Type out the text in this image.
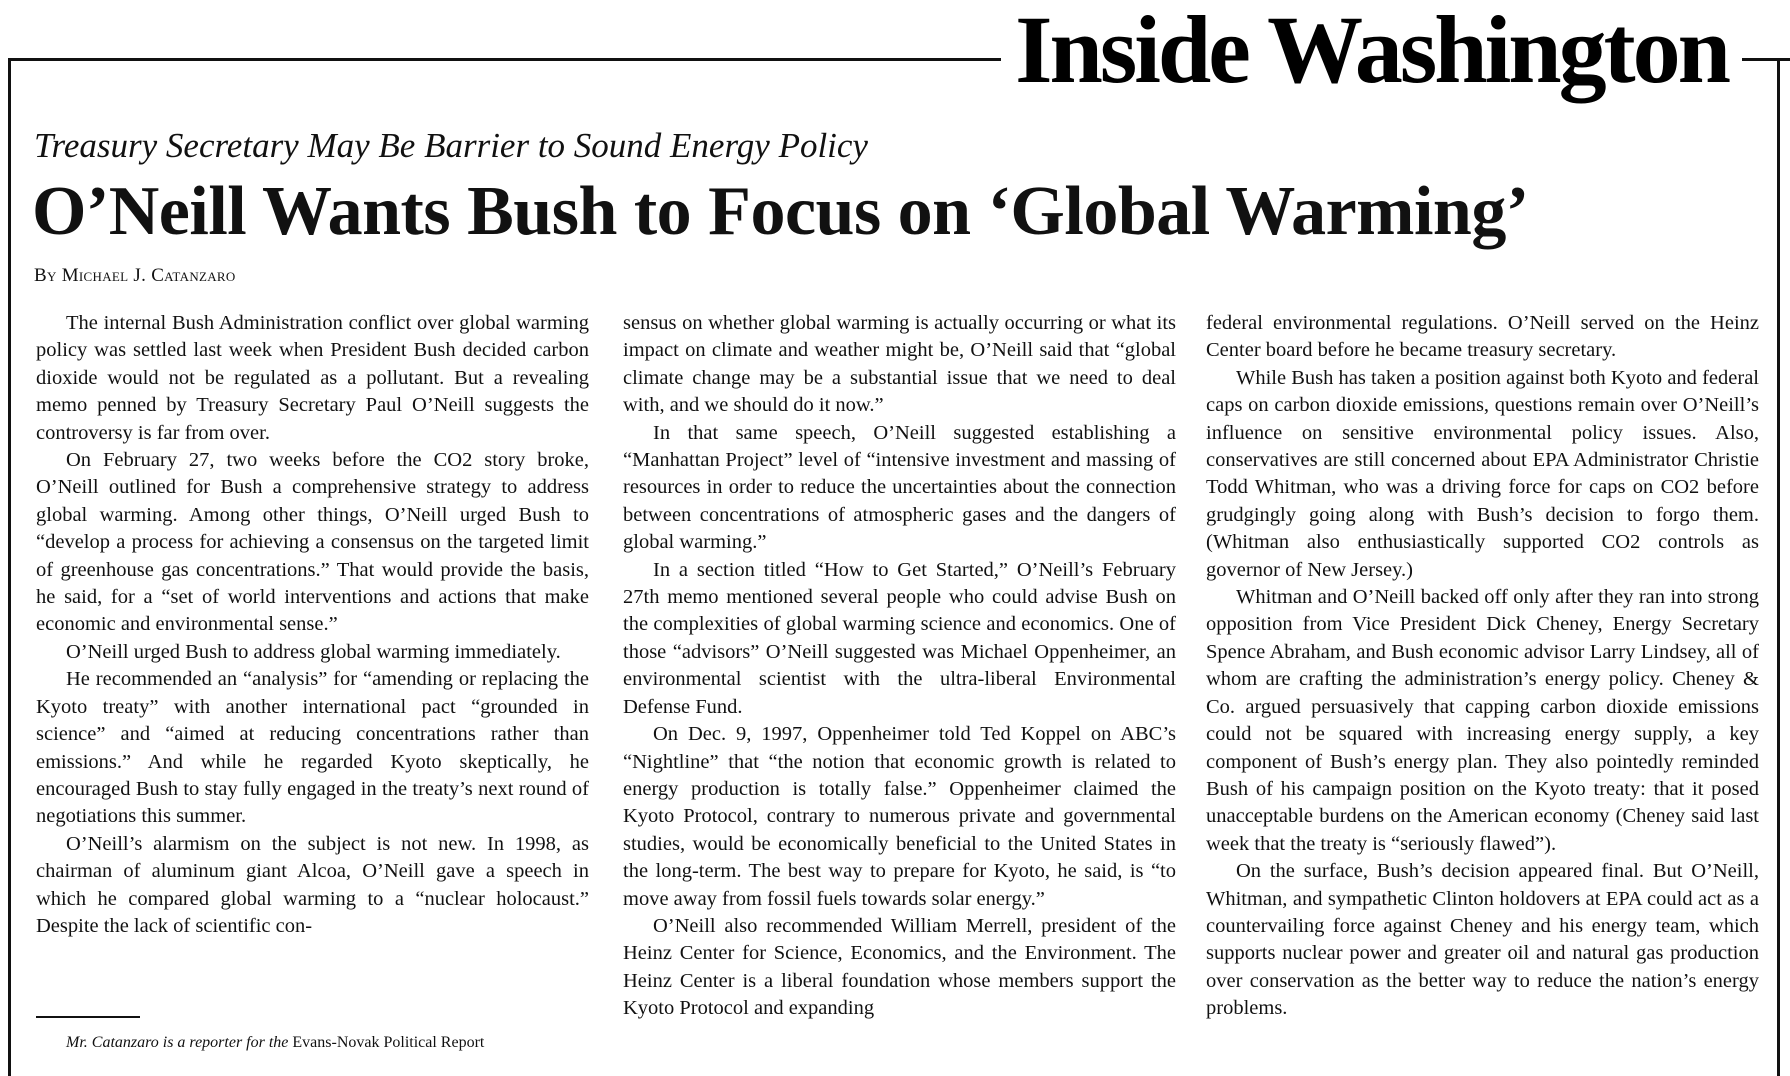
Inside Washington
Treasury Secretary May Be Barrier to Sound Energy Policy
O’Neill Wants Bush to Focus on ‘Global Warming’
By Michael J. Catanzaro

The internal Bush Administration conflict over global warming policy was settled last week when President Bush decided carbon dioxide would not be regulated as a pollutant. But a revealing memo penned by Treasury Secretary Paul O’Neill suggests the controversy is far from over.

On February 27, two weeks before the CO2 story broke, O’Neill outlined for Bush a comprehensive strategy to address global warming. Among other things, O’Neill urged Bush to “develop a process for achieving a consensus on the targeted limit of greenhouse gas concentrations.” That would provide the basis, he said, for a “set of world interventions and actions that make economic and environmental sense.”

O’Neill urged Bush to address global warming immediately.

He recommended an “analysis” for “amending or replacing the Kyoto treaty” with another international pact “grounded in science” and “aimed at reducing concentrations rather than emissions.” And while he regarded Kyoto skeptically, he encouraged Bush to stay fully engaged in the treaty’s next round of negotiations this summer.

O’Neill’s alarmism on the subject is not new. In 1998, as chairman of aluminum giant Alcoa, O’Neill gave a speech in which he compared global warming to a “nuclear holocaust.” Despite the lack of scientific con-

sensus on whether global warming is actually occurring or what its impact on climate and weather might be, O’Neill said that “global climate change may be a substantial issue that we need to deal with, and we should do it now.”

In that same speech, O’Neill suggested establishing a “Manhattan Project” level of “intensive investment and massing of resources in order to reduce the uncertainties about the connection between concentrations of atmospheric gases and the dangers of global warming.”

In a section titled “How to Get Started,” O’Neill’s February 27th memo mentioned several people who could advise Bush on the complexities of global warming science and economics. One of those “advisors” O’Neill suggested was Michael Oppenheimer, an environmental scientist with the ultra-liberal Environmental Defense Fund.

On Dec. 9, 1997, Oppenheimer told Ted Koppel on ABC’s “Nightline” that “the notion that economic growth is related to energy production is totally false.” Oppenheimer claimed the Kyoto Protocol, contrary to numerous private and governmental studies, would be economically beneficial to the United States in the long-term. The best way to prepare for Kyoto, he said, is “to move away from fossil fuels towards solar energy.”

O’Neill also recommended William Merrell, president of the Heinz Center for Science, Economics, and the Environment. The Heinz Center is a liberal foundation whose members support the Kyoto Protocol and expanding

federal environmental regulations. O’Neill served on the Heinz Center board before he became treasury secretary.

While Bush has taken a position against both Kyoto and federal caps on carbon dioxide emissions, questions remain over O’Neill’s influence on sensitive environmental policy issues. Also, conservatives are still concerned about EPA Administrator Christie Todd Whitman, who was a driving force for caps on CO2 before grudgingly going along with Bush’s decision to forgo them. (Whitman also enthusiastically supported CO2 controls as governor of New Jersey.)

Whitman and O’Neill backed off only after they ran into strong opposition from Vice President Dick Cheney, Energy Secretary Spence Abraham, and Bush economic advisor Larry Lindsey, all of whom are crafting the administration’s energy policy. Cheney & Co. argued persuasively that capping carbon dioxide emissions could not be squared with increasing energy supply, a key component of Bush’s energy plan. They also pointedly reminded Bush of his campaign position on the Kyoto treaty: that it posed unacceptable burdens on the American economy (Cheney said last week that the treaty is “seriously flawed”).

On the surface, Bush’s decision appeared final. But O’Neill, Whitman, and sympathetic Clinton holdovers at EPA could act as a countervailing force against Cheney and his energy team, which supports nuclear power and greater oil and natural gas production over conservation as the better way to reduce the nation’s energy problems.

Mr. Catanzaro is a reporter for the Evans-Novak Political Report
